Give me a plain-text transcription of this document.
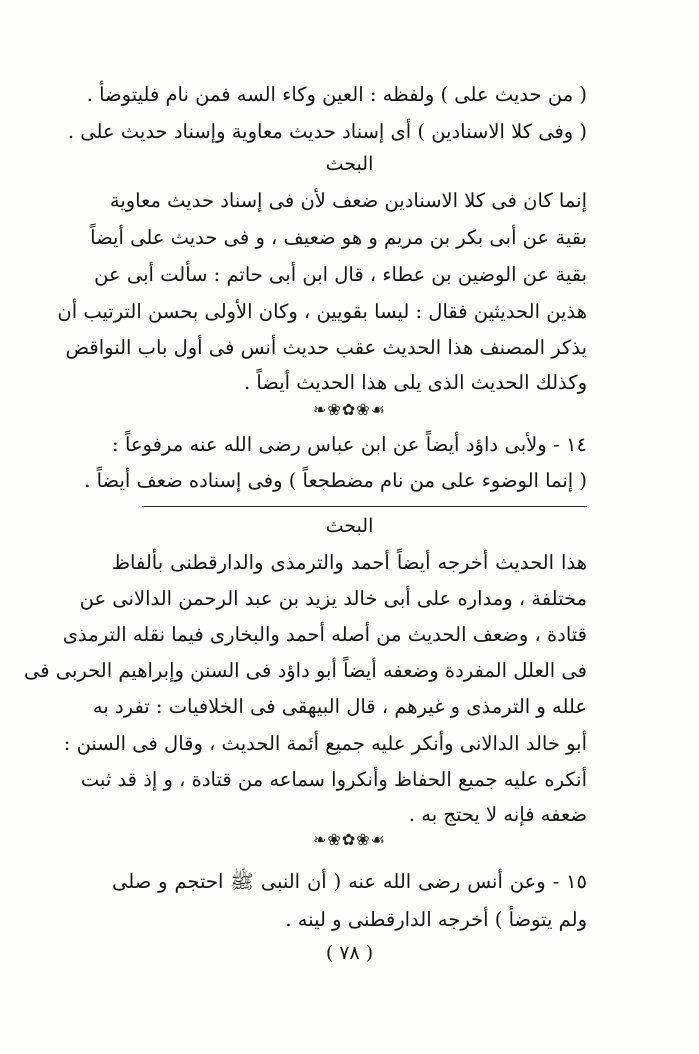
( من حديث على ) ولفظه : العين وكاء السه فمن نام فليتوضأ .
( وفى كلا الاسنادين ) أى إسناد حديث معاوية وإسناد حديث على .
البحث
إنما كان فى كلا الاسنادين ضعف لأن فى إسناد حديث معاوية
بقية عن أبى بكر بن مريم و هو ضعيف ، و فى حديث على أيضاً
بقية عن الوضين بن عطاء ، قال ابن أبى حاتم : سألت أبى عن
هذين الحديثين فقال : ليسا بقويين ، وكان الأولى بحسن الترتيب أن
يذكر المصنف هذا الحديث عقب حديث أنس فى أول باب النواقض
وكذلك الحديث الذى يلى هذا الحديث أيضاً .
❧❀✿❀☙
١٤ - ولأبى داؤد أيضاً عن ابن عباس رضى الله عنه مرفوعاً :
( إنما الوضوء على من نام مضطجعاً ) وفى إسناده ضعف أيضاً .
البحث
هذا الحديث أخرجه أيضاً أحمد والترمذى والدارقطنى بألفاظ
مختلفة ، ومداره على أبى خالد يزيد بن عبد الرحمن الدالانى عن
قتادة ، وضعف الحديث من أصله أحمد والبخارى فيما نقله الترمذى
فى العلل المفردة وضعفه أيضاً أبو داؤد فى السنن وإبراهيم الحربى فى
علله و الترمذى و غيرهم ، قال البيهقى فى الخلافيات : تفرد به
أبو خالد الدالانى وأنكر عليه جميع أئمة الحديث ، وقال فى السنن :
أنكره عليه جميع الحفاظ وأنكروا سماعه من قتادة ، و إذ قد ثبت
ضعفه فإنه لا يحتج به .
❧❀✿❀☙
١٥ - وعن أنس رضى الله عنه ( أن النبى ﷺ احتجم و صلى
ولم يتوضأ ) أخرجه الدارقطنى و لينه .
( ٧٨ )
